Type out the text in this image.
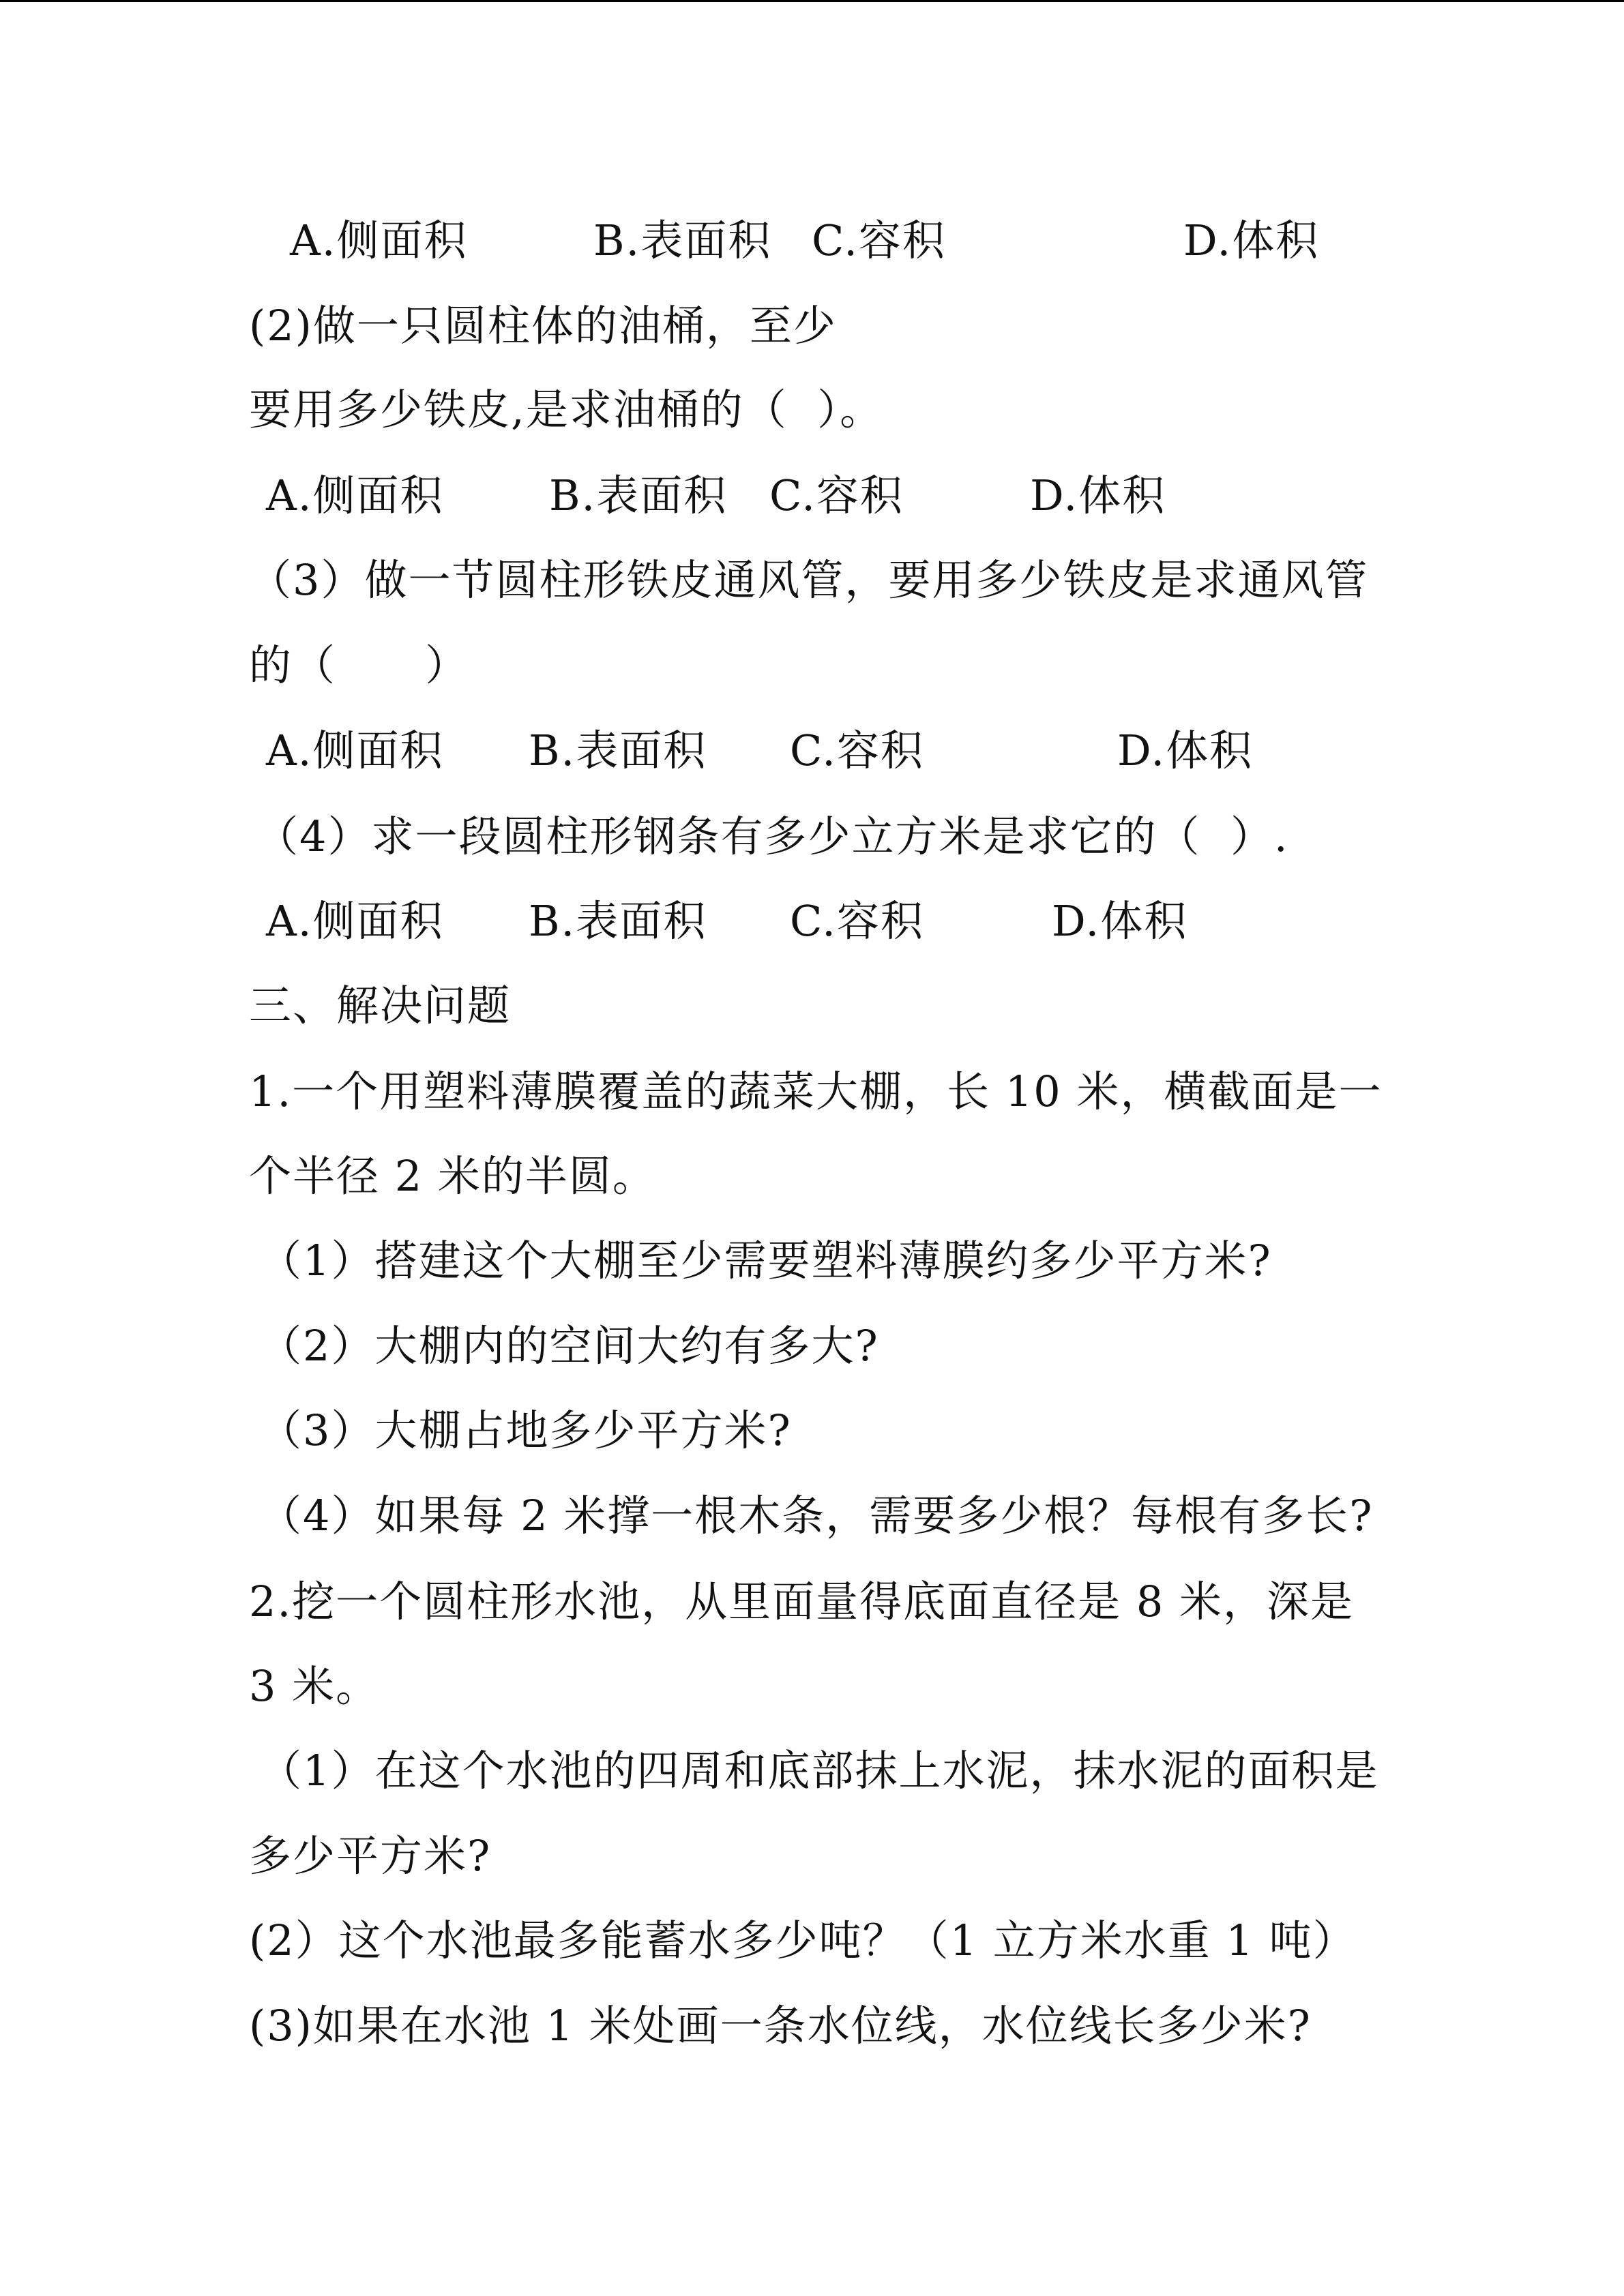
A.侧面积	B.表面积 C.容积	D.体积
(2)做一只圆柱体的油桶，至少
要用多少铁皮,是求油桶的（  ）。
A.侧面积 B.表面积 C.容积	D.体积
（3）做一节圆柱形铁皮通风管，要用多少铁皮是求通风管
的（      ）
A.侧面积 B.表面积 C.容积	D.体积
（4）求一段圆柱形钢条有多少立方米是求它的（  ）.
A.侧面积 B.表面积 C.容积	D.体积
三、解决问题
1.一个用塑料薄膜覆盖的蔬菜大棚，长 10 米，横截面是一
个半径 2 米的半圆。
（1）搭建这个大棚至少需要塑料薄膜约多少平方米?
（2）大棚内的空间大约有多大?
（3）大棚占地多少平方米?
（4）如果每 2 米撑一根木条，需要多少根？每根有多长?
2.挖一个圆柱形水池，从里面量得底面直径是 8 米，深是
3 米。
（1）在这个水池的四周和底部抹上水泥，抹水泥的面积是
多少平方米?
(2）这个水池最多能蓄水多少吨？（1 立方米水重 1 吨）
(3)如果在水池 1 米处画一条水位线，水位线长多少米?
